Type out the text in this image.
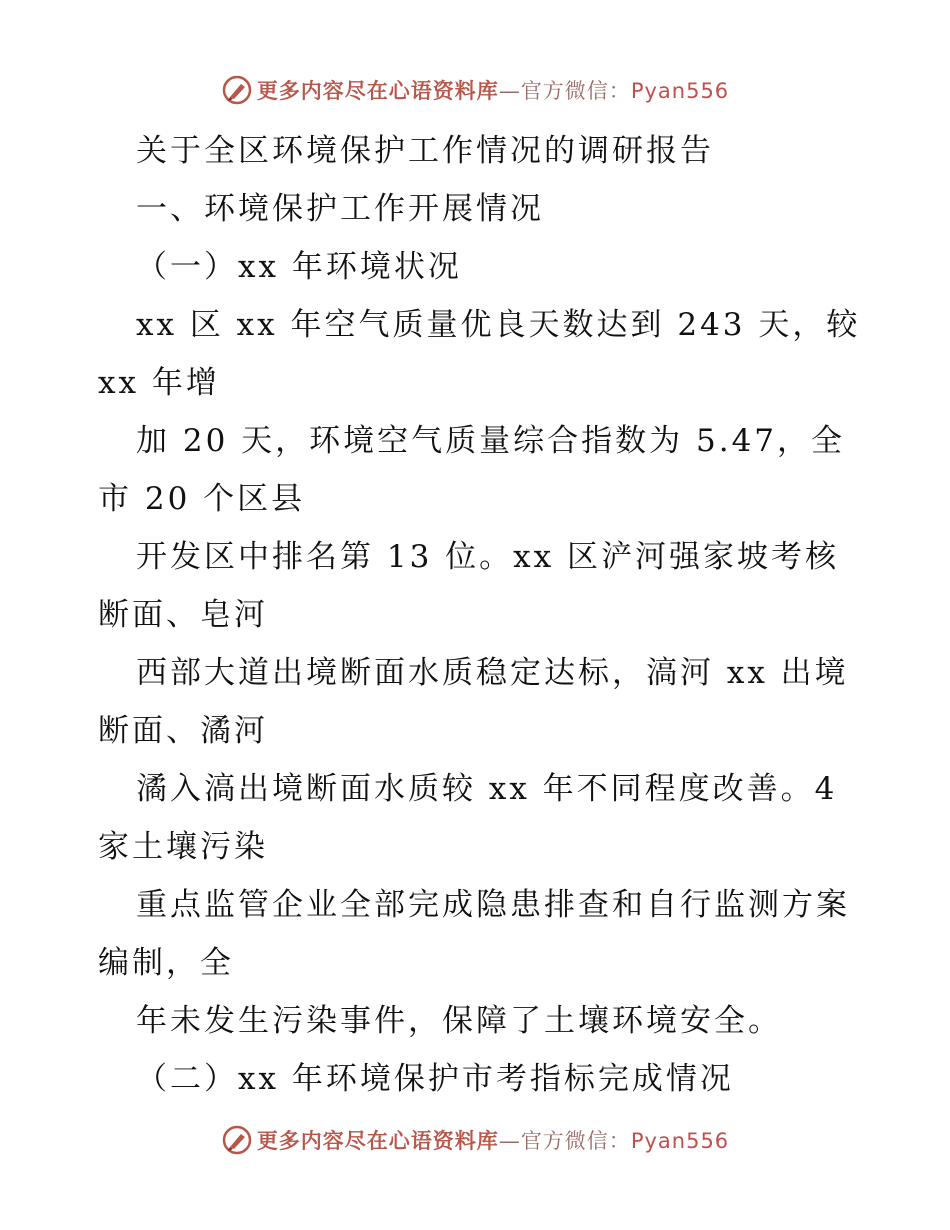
更多内容尽在心语资料库—官方微信：Pyan556
关于全区环境保护工作情况的调研报告
一、环境保护工作开展情况
（一）xx 年环境状况
xx 区 xx 年空气质量优良天数达到 243 天，较
xx 年增
加 20 天，环境空气质量综合指数为 5.47，全
市 20 个区县
开发区中排名第 13 位。xx 区浐河强家坡考核
断面、皂河
西部大道出境断面水质稳定达标，滈河 xx 出境
断面、潏河
潏入滈出境断面水质较 xx 年不同程度改善。4
家土壤污染
重点监管企业全部完成隐患排查和自行监测方案
编制，全
年未发生污染事件，保障了土壤环境安全。
（二）xx 年环境保护市考指标完成情况
更多内容尽在心语资料库—官方微信：Pyan556
